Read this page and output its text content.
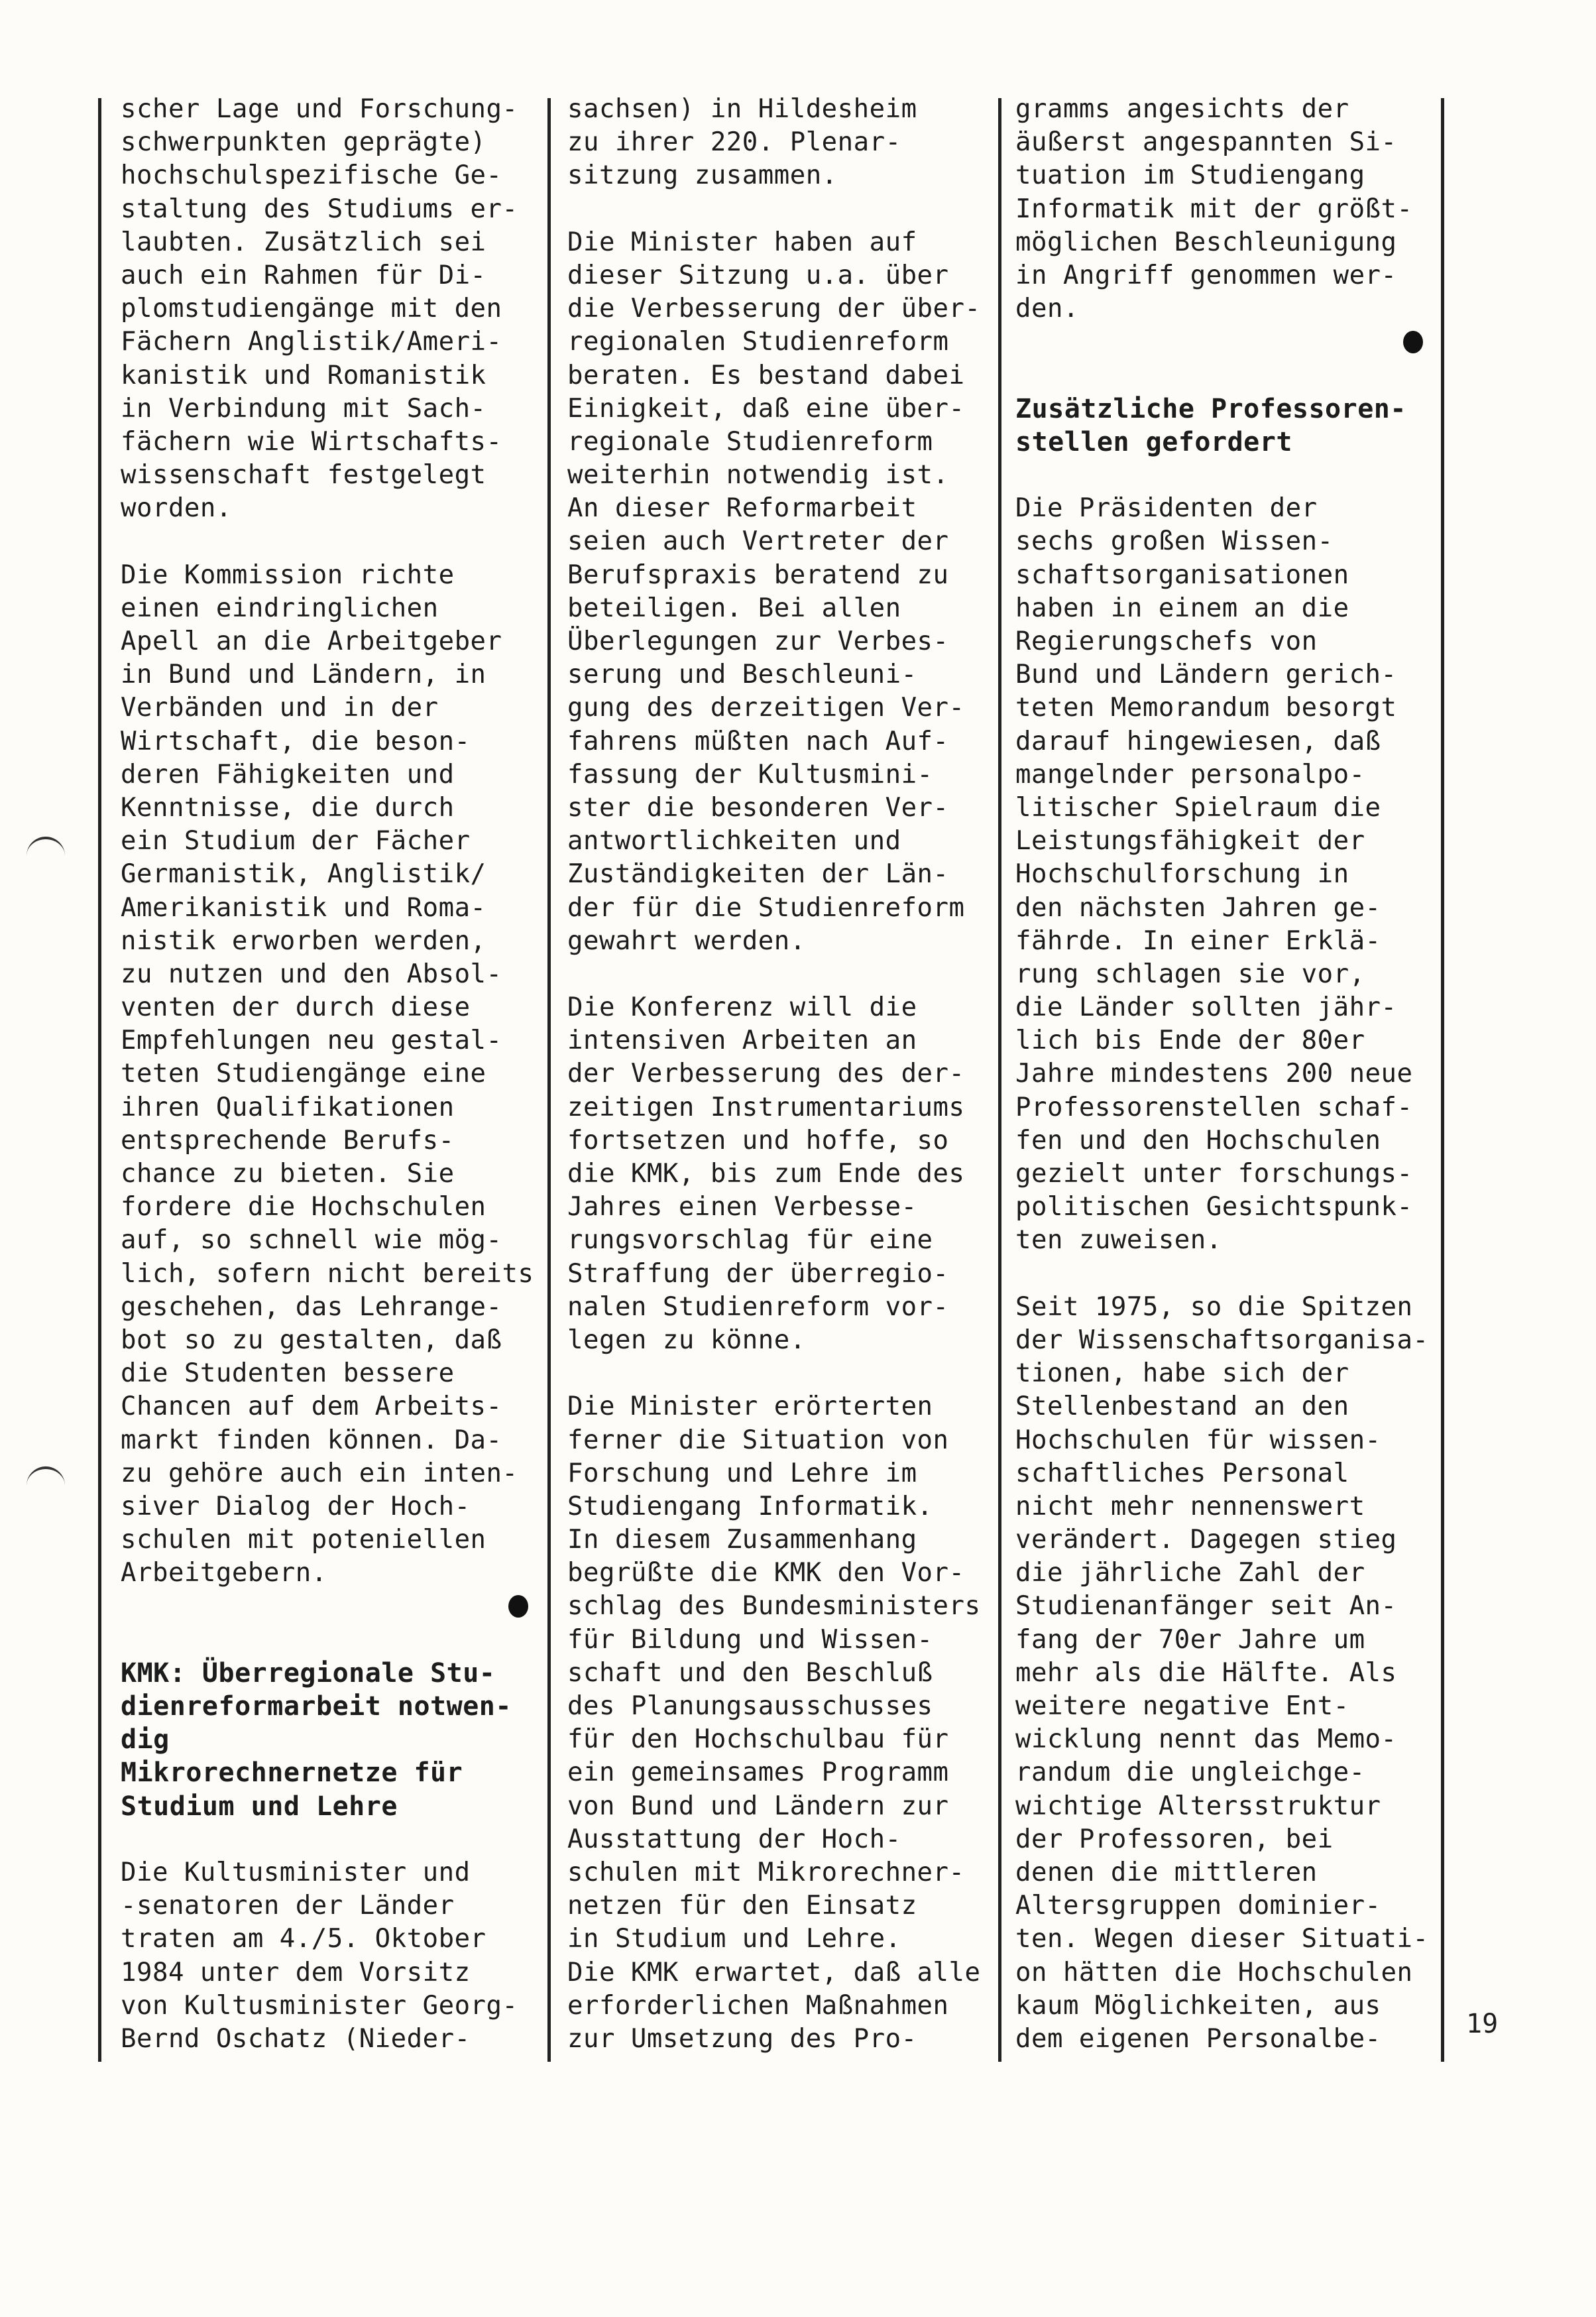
scher Lage und Forschung-
schwerpunkten geprägte)
hochschulspezifische Ge-
staltung des Studiums er-
laubten. Zusätzlich sei
auch ein Rahmen für Di-
plomstudiengänge mit den
Fächern Anglistik/Ameri-
kanistik und Romanistik
in Verbindung mit Sach-
fächern wie Wirtschafts-
wissenschaft festgelegt
worden.
Die Kommission richte
einen eindringlichen
Apell an die Arbeitgeber
in Bund und Ländern, in
Verbänden und in der
Wirtschaft, die beson-
deren Fähigkeiten und
Kenntnisse, die durch
ein Studium der Fächer
Germanistik, Anglistik/
Amerikanistik und Roma-
nistik erworben werden,
zu nutzen und den Absol-
venten der durch diese
Empfehlungen neu gestal-
teten Studiengänge eine
ihren Qualifikationen
entsprechende Berufs-
chance zu bieten. Sie
fordere die Hochschulen
auf, so schnell wie mög-
lich, sofern nicht bereits
geschehen, das Lehrange-
bot so zu gestalten, daß
die Studenten bessere
Chancen auf dem Arbeits-
markt finden können. Da-
zu gehöre auch ein inten-
siver Dialog der Hoch-
schulen mit poteniellen
Arbeitgebern.
KMK: Überregionale Stu-
dienreformarbeit notwen-
dig
Mikrorechnernetze für
Studium und Lehre
Die Kultusminister und
-senatoren der Länder
traten am 4./5. Oktober
1984 unter dem Vorsitz
von Kultusminister Georg-
Bernd Oschatz (Nieder-
sachsen) in Hildesheim
zu ihrer 220. Plenar-
sitzung zusammen.
Die Minister haben auf
dieser Sitzung u.a. über
die Verbesserung der über-
regionalen Studienreform
beraten. Es bestand dabei
Einigkeit, daß eine über-
regionale Studienreform
weiterhin notwendig ist.
An dieser Reformarbeit
seien auch Vertreter der
Berufspraxis beratend zu
beteiligen. Bei allen
Überlegungen zur Verbes-
serung und Beschleuni-
gung des derzeitigen Ver-
fahrens müßten nach Auf-
fassung der Kultusmini-
ster die besonderen Ver-
antwortlichkeiten und
Zuständigkeiten der Län-
der für die Studienreform
gewahrt werden.
Die Konferenz will die
intensiven Arbeiten an
der Verbesserung des der-
zeitigen Instrumentariums
fortsetzen und hoffe, so
die KMK, bis zum Ende des
Jahres einen Verbesse-
rungsvorschlag für eine
Straffung der überregio-
nalen Studienreform vor-
legen zu könne.
Die Minister erörterten
ferner die Situation von
Forschung und Lehre im
Studiengang Informatik.
In diesem Zusammenhang
begrüßte die KMK den Vor-
schlag des Bundesministers
für Bildung und Wissen-
schaft und den Beschluß
des Planungsausschusses
für den Hochschulbau für
ein gemeinsames Programm
von Bund und Ländern zur
Ausstattung der Hoch-
schulen mit Mikrorechner-
netzen für den Einsatz
in Studium und Lehre.
Die KMK erwartet, daß alle
erforderlichen Maßnahmen
zur Umsetzung des Pro-
gramms angesichts der
äußerst angespannten Si-
tuation im Studiengang
Informatik mit der größt-
möglichen Beschleunigung
in Angriff genommen wer-
den.
Zusätzliche Professoren-
stellen gefordert
Die Präsidenten der
sechs großen Wissen-
schaftsorganisationen
haben in einem an die
Regierungschefs von
Bund und Ländern gerich-
teten Memorandum besorgt
darauf hingewiesen, daß
mangelnder personalpo-
litischer Spielraum die
Leistungsfähigkeit der
Hochschulforschung in
den nächsten Jahren ge-
fährde. In einer Erklä-
rung schlagen sie vor,
die Länder sollten jähr-
lich bis Ende der 80er
Jahre mindestens 200 neue
Professorenstellen schaf-
fen und den Hochschulen
gezielt unter forschungs-
politischen Gesichtspunk-
ten zuweisen.
Seit 1975, so die Spitzen
der Wissenschaftsorganisa-
tionen, habe sich der
Stellenbestand an den
Hochschulen für wissen-
schaftliches Personal
nicht mehr nennenswert
verändert. Dagegen stieg
die jährliche Zahl der
Studienanfänger seit An-
fang der 70er Jahre um
mehr als die Hälfte. Als
weitere negative Ent-
wicklung nennt das Memo-
randum die ungleichge-
wichtige Altersstruktur
der Professoren, bei
denen die mittleren
Altersgruppen dominier-
ten. Wegen dieser Situati-
on hätten die Hochschulen
kaum Möglichkeiten, aus
dem eigenen Personalbe-	19
